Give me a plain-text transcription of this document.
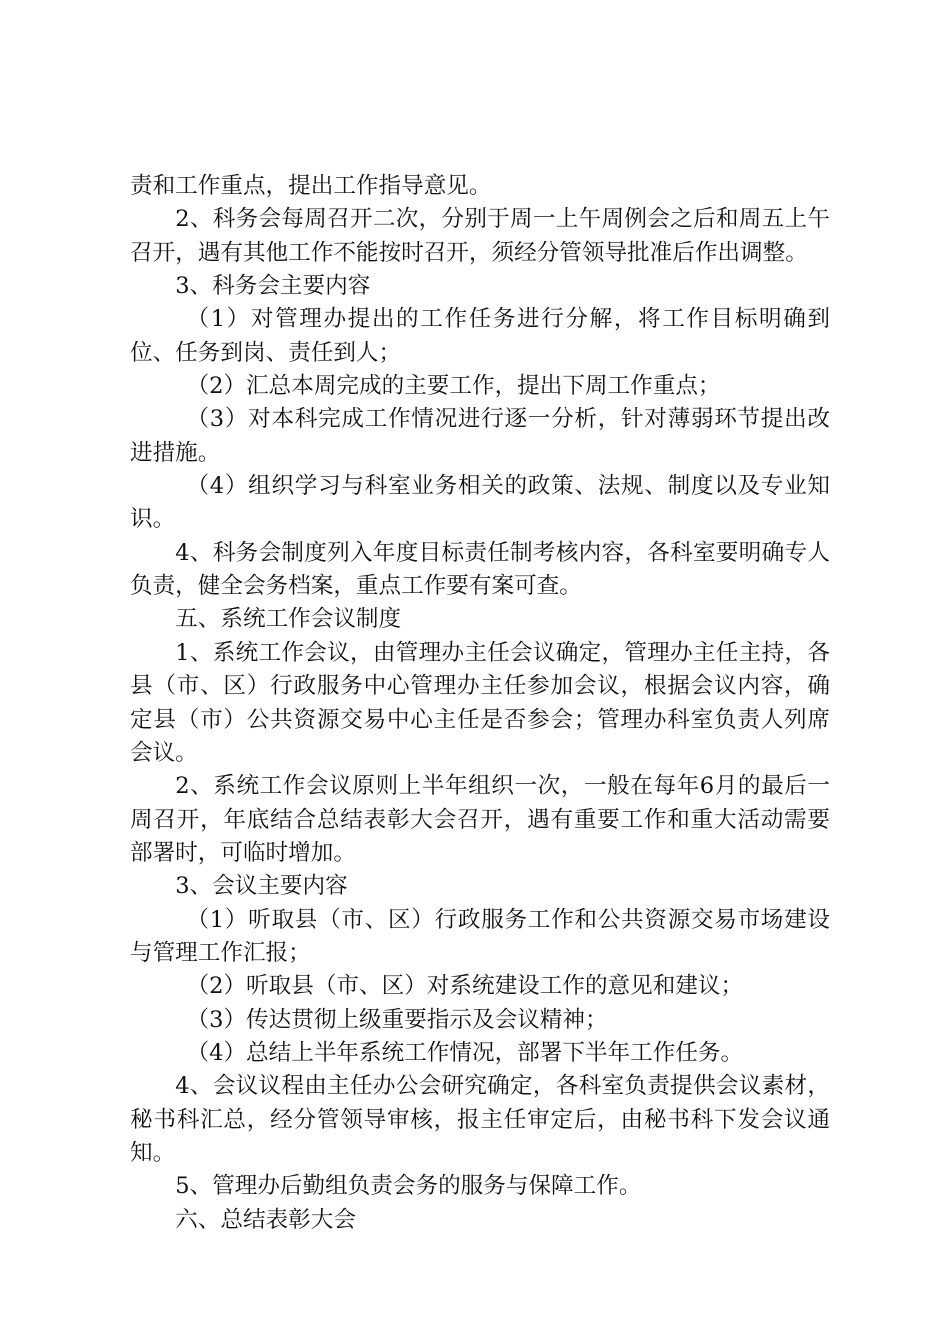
责和工作重点，提出工作指导意见。

2、科务会每周召开二次，分别于周一上午周例会之后和周五上午召开，遇有其他工作不能按时召开，须经分管领导批准后作出调整。

3、科务会主要内容

（1）对管理办提出的工作任务进行分解，将工作目标明确到位、任务到岗、责任到人；

（2）汇总本周完成的主要工作，提出下周工作重点；

（3）对本科完成工作情况进行逐一分析，针对薄弱环节提出改进措施。

（4）组织学习与科室业务相关的政策、法规、制度以及专业知识。

4、科务会制度列入年度目标责任制考核内容，各科室要明确专人负责，健全会务档案，重点工作要有案可查。

五、系统工作会议制度

1、系统工作会议，由管理办主任会议确定，管理办主任主持，各县（市、区）行政服务中心管理办主任参加会议，根据会议内容，确定县（市）公共资源交易中心主任是否参会；管理办科室负责人列席会议。

2、系统工作会议原则上半年组织一次，一般在每年6月的最后一周召开，年底结合总结表彰大会召开，遇有重要工作和重大活动需要部署时，可临时增加。

3、会议主要内容

（1）听取县（市、区）行政服务工作和公共资源交易市场建设与管理工作汇报；

（2）听取县（市、区）对系统建设工作的意见和建议；

（3）传达贯彻上级重要指示及会议精神；

（4）总结上半年系统工作情况，部署下半年工作任务。

4、会议议程由主任办公会研究确定，各科室负责提供会议素材，秘书科汇总，经分管领导审核，报主任审定后，由秘书科下发会议通知。

5、管理办后勤组负责会务的服务与保障工作。

六、总结表彰大会
